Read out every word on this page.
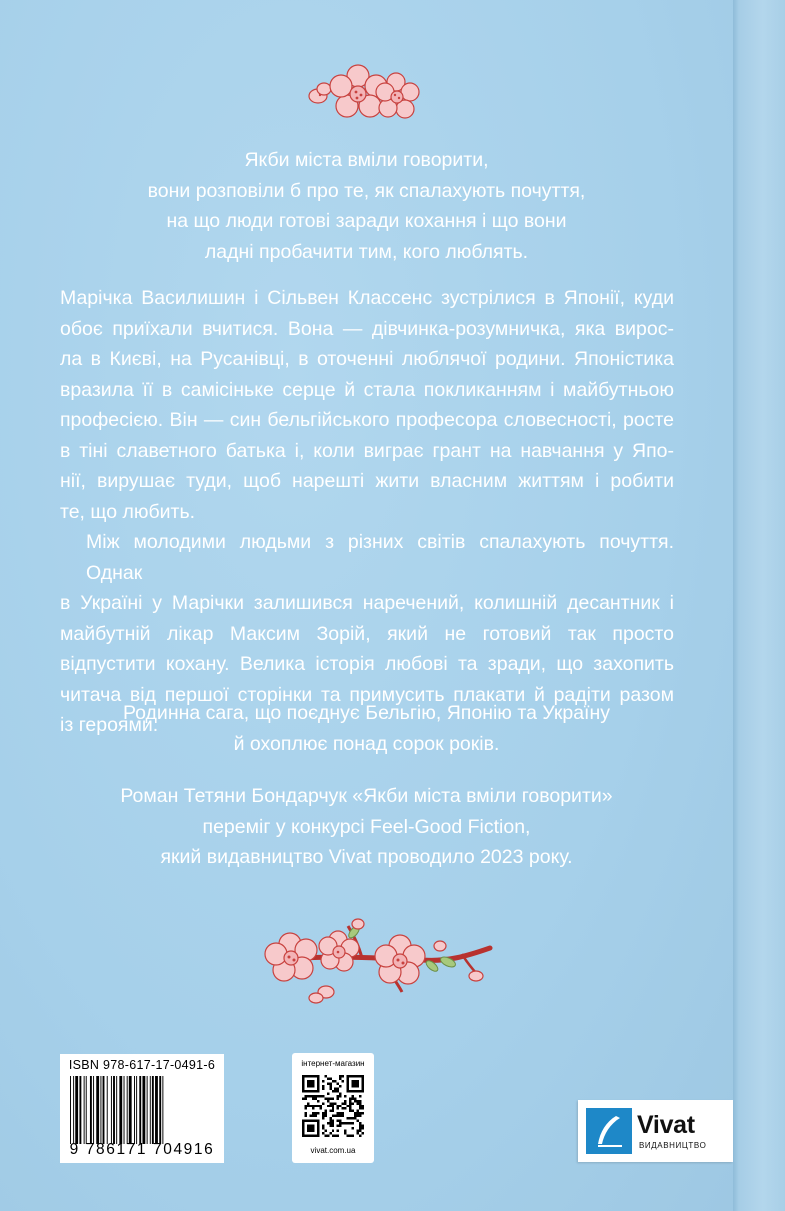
Якби міста вміли говорити,
вони розповіли б про те, як спалахують почуття,
на що люди готові заради кохання і що вони
ладні пробачити тим, кого люблять.

Марічка Василишин і Сільвен Классенс зустрілися в Японії, куди
обоє приїхали вчитися. Вона — дівчинка-розумничка, яка вирос-
ла в Києві, на Русанівці, в оточенні люблячої родини. Японістика
вразила її в самісіньке серце й стала покликанням і майбутньою
професією. Він — син бельгійського професора словесності, росте
в тіні славетного батька і, коли виграє грант на навчання у Япо-
нії, вирушає туди, щоб нарешті жити власним життям і робити
те, що любить.

Між молодими людьми з різних світів спалахують почуття. Однак
в Україні у Марічки залишився наречений, колишній десантник і
майбутній лікар Максим Зорій, який не готовий так просто
відпустити кохану. Велика історія любові та зради, що захопить
читача від першої сторінки та примусить плакати й радіти разом
із героями.

Родинна сага, що поєднує Бельгію, Японію та Україну
й охоплює понад сорок років.

Роман Тетяни Бондарчук «Якби міста вміли говорити»
переміг у конкурсі Feel-Good Fiction,
який видавництво Vivat проводило 2023 року.

ISBN 978-617-17-0491-6
9 786171 704916
інтернет-магазин
vivat.com.ua
Vivat
ВИДАВНИЦТВО
